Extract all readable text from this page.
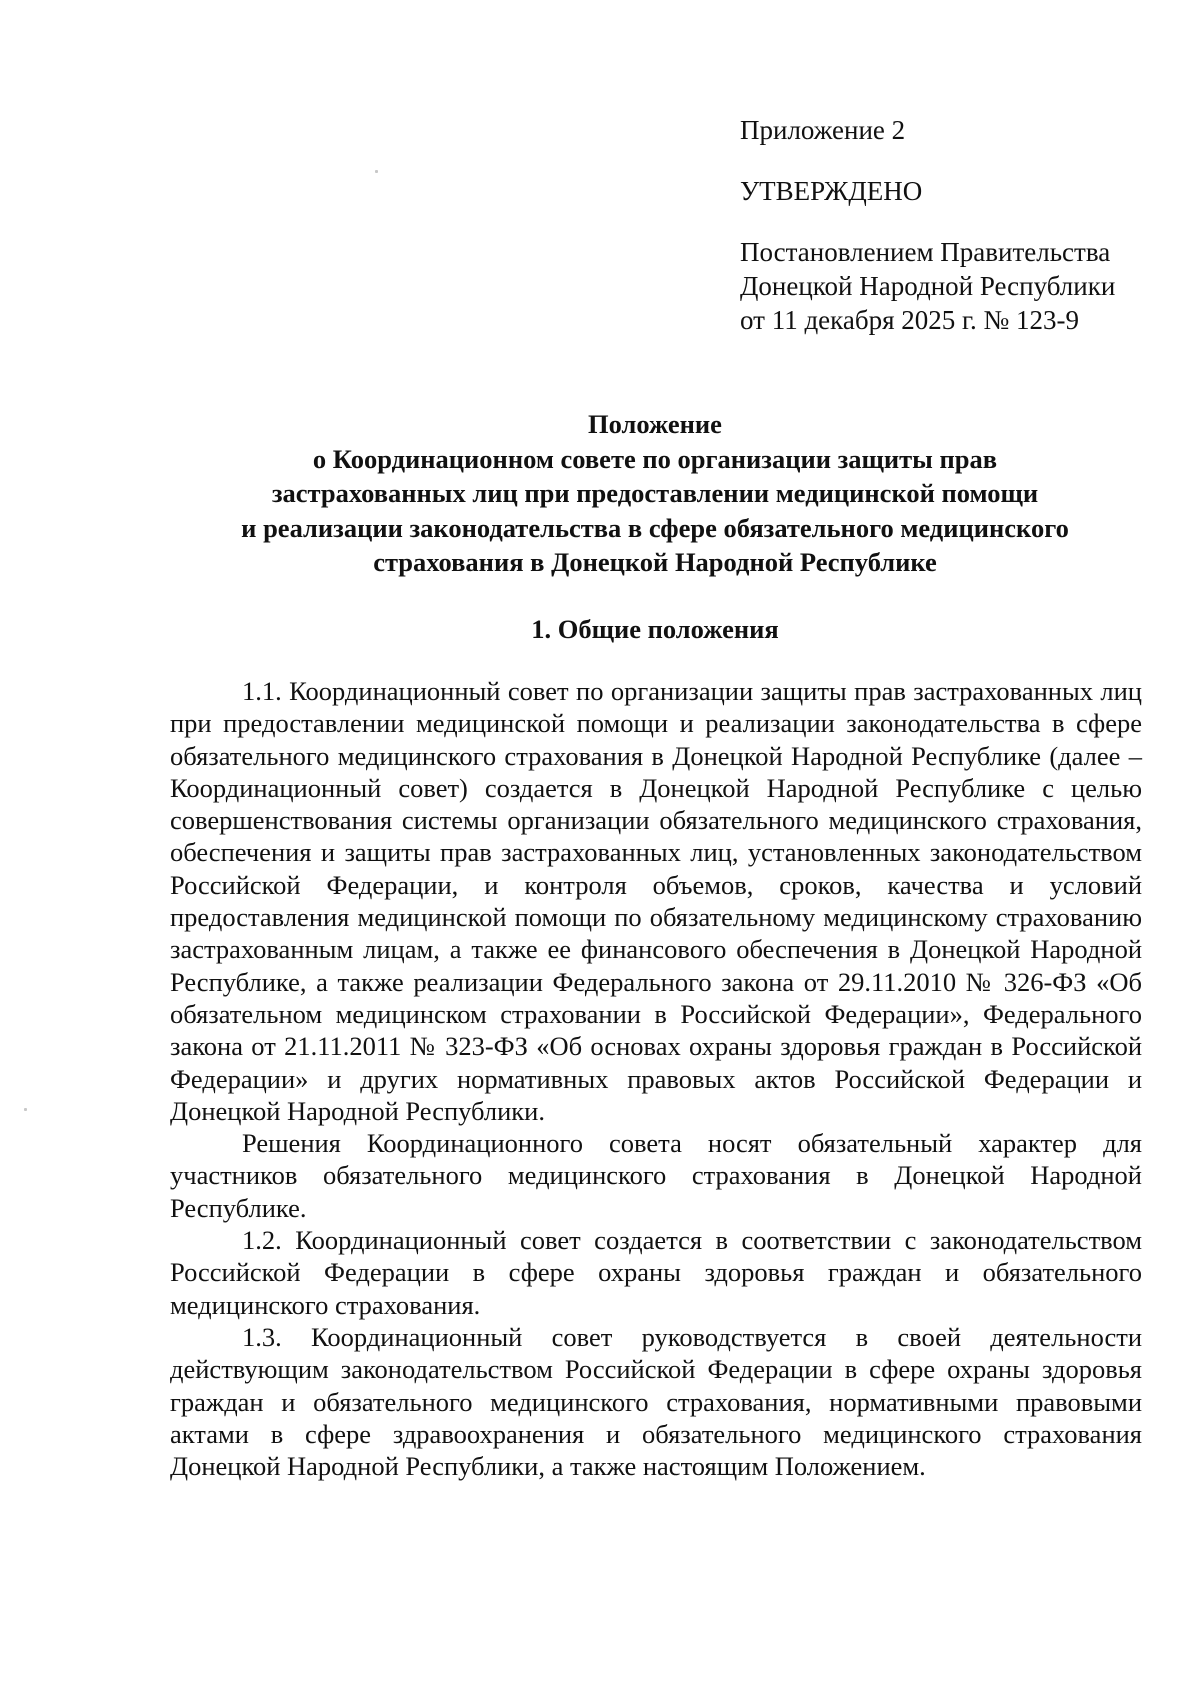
Приложение 2
УТВЕРЖДЕНО
Постановлением Правительства
Донецкой Народной Республики
от 11 декабря 2025 г. № 123-9
Положение
о Координационном совете по организации защиты прав
застрахованных лиц при предоставлении медицинской помощи
и реализации законодательства в сфере обязательного медицинского
страхования в Донецкой Народной Республике
1. Общие положения

1.1. Координационный совет по организации защиты прав застрахованных лиц при предоставлении медицинской помощи и реализации законодательства в сфере обязательного медицинского страхования в Донецкой Народной Республике (далее – Координационный совет) создается в Донецкой Народной Республике с целью совершенствования системы организации обязательного медицинского страхования, обеспечения и защиты прав застрахованных лиц, установленных законодательством Российской Федерации, и контроля объемов, сроков, качества и условий предоставления медицинской помощи по обязательному медицинскому страхованию застрахованным лицам, а также ее финансового обеспечения в Донецкой Народной Республике, а также реализации Федерального закона от 29.11.2010 № 326-ФЗ «Об обязательном медицинском страховании в Российской Федерации», Федерального закона от 21.11.2011 № 323-ФЗ «Об основах охраны здоровья граждан в Российской Федерации» и других нормативных правовых актов Российской Федерации и Донецкой Народной Республики.

Решения Координационного совета носят обязательный характер для участников обязательного медицинского страхования в Донецкой Народной Республике.

1.2. Координационный совет создается в соответствии с законодательством Российской Федерации в сфере охраны здоровья граждан и обязательного медицинского страхования.

1.3. Координационный совет руководствуется в своей деятельности действующим законодательством Российской Федерации в сфере охраны здоровья граждан и обязательного медицинского страхования, нормативными правовыми актами в сфере здравоохранения и обязательного медицинского страхования Донецкой Народной Республики, а также настоящим Положением.
